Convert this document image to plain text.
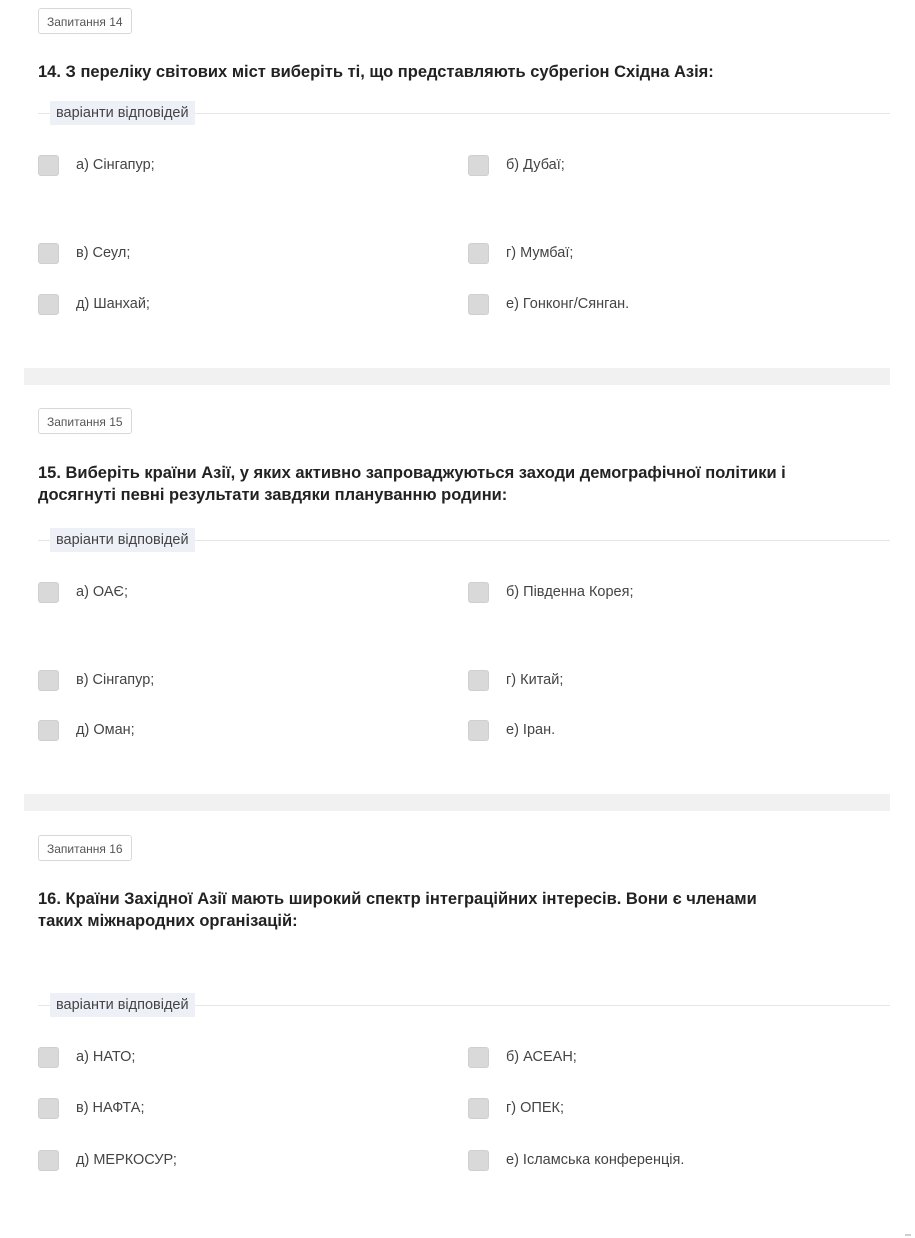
Запитання 14
14. З переліку світових міст виберіть ті, що представляють субрегіон Східна Азія:
варіанти відповідей
а) Сінгапур;	б) Дубаї;
в) Сеул;	г) Мумбаї;
д) Шанхай;	е) Гонконг/Сянган.
Запитання 15
15. Виберіть країни Азії, у яких активно запроваджуються заходи демографічної політики і
досягнуті певні результати завдяки плануванню родини:
варіанти відповідей
а) ОАЄ;	б) Південна Корея;
в) Сінгапур;	г) Китай;
д) Оман;	е) Іран.
Запитання 16
16. Країни Західної Азії мають широкий спектр інтеграційних інтересів. Вони є членами
таких міжнародних організацій:
варіанти відповідей
а) НАТО;	б) АСЕАН;
в) НАФТА;	г) ОПЕК;
д) МЕРКОСУР;	е) Ісламська конференція.
